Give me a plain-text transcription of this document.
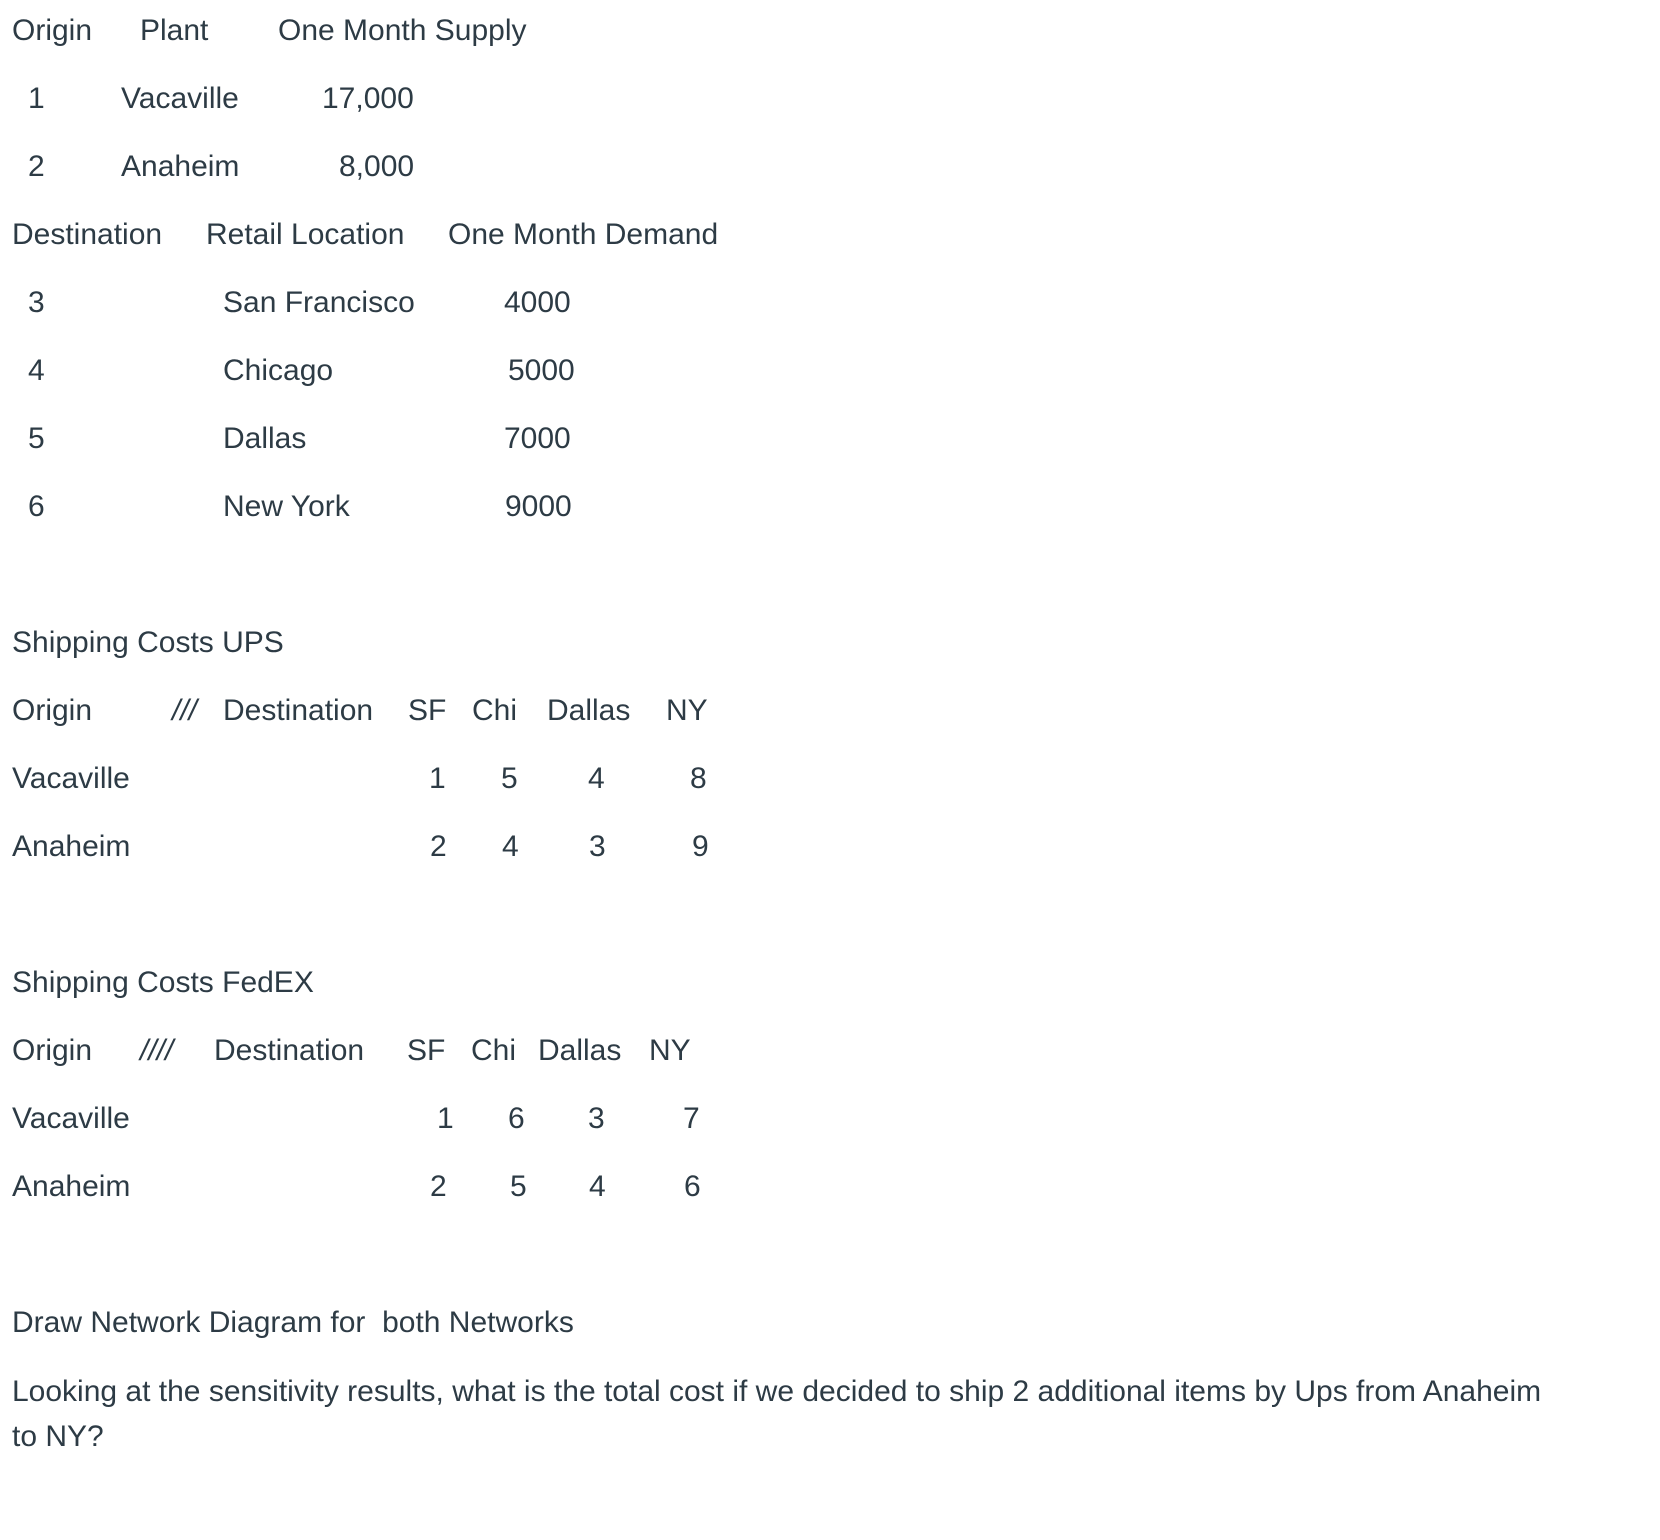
Origin Plant One Month Supply
1	Vacaville	17,000
2	Anaheim	8,000
Destination Retail Location One Month Demand
3	San Francisco	4000
4	Chicago	5000
5	Dallas	7000
6	New York	9000
Shipping Costs UPS
Origin	/// Destination SF Chi Dallas NY
Vacaville	1 5 4	8
Anaheim	2 4 3	9
Shipping Costs FedEX
Origin //// Destination SF Chi Dallas NY
Vacaville	1 6 3	7
Anaheim	2 5 4	6
Draw Network Diagram for  both Networks
Looking at the sensitivity results, what is the total cost if we decided to ship 2 additional items by Ups from Anaheim to NY?
